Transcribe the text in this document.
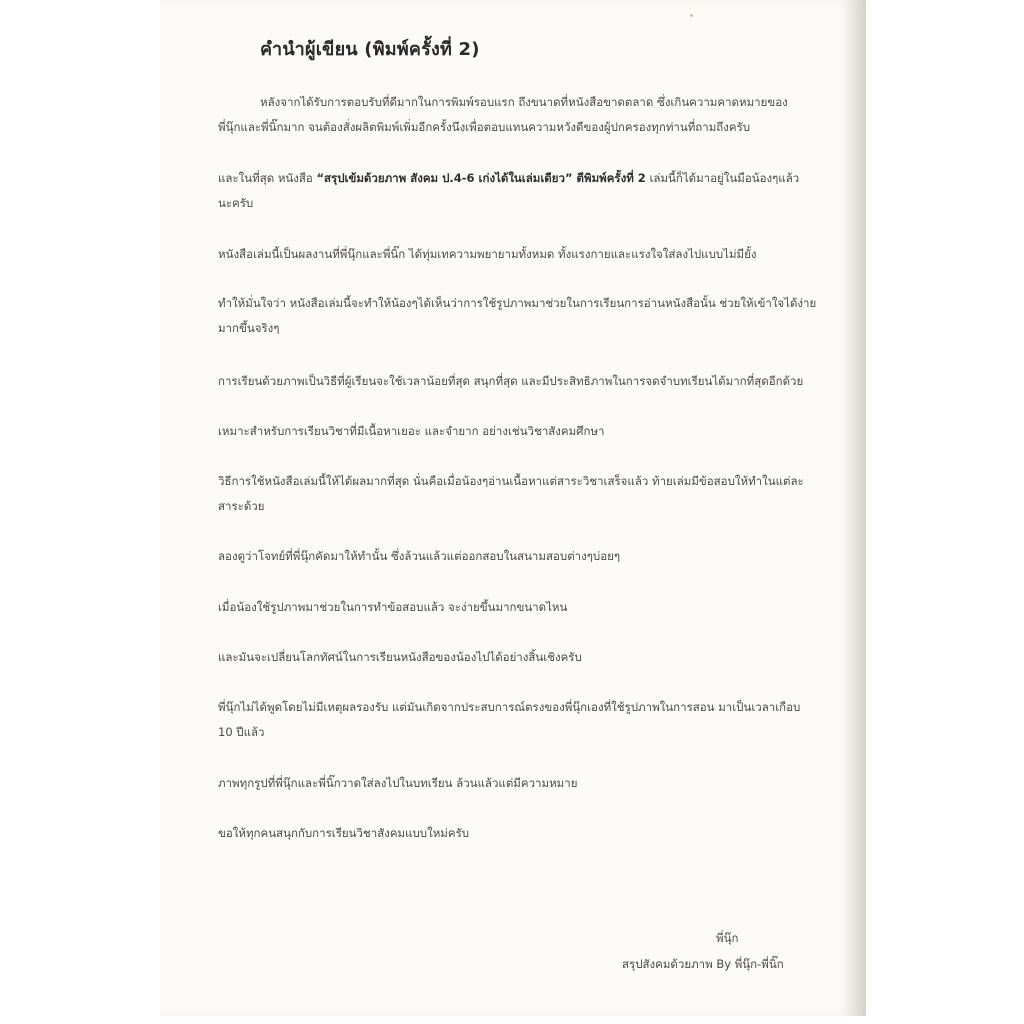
คำนำผู้เขียน (พิมพ์ครั้งที่ 2)
หลังจากได้รับการตอบรับที่ดีมากในการพิมพ์รอบแรก ถึงขนาดที่หนังสือขาดตลาด ซึ่งเกินความคาดหมายของ
พี่นุ๊กและพี่นิ๊กมาก จนต้องสั่งผลิตพิมพ์เพิ่มอีกครั้งนึงเพื่อตอบแทนความหวังดีของผู้ปกครองทุกท่านที่ถามถึงครับ
และในที่สุด หนังสือ “สรุปเข้มด้วยภาพ สังคม ป.4-6 เก่งได้ในเล่มเดียว” ตีพิมพ์ครั้งที่ 2 เล่มนี้ก็ได้มาอยู่ในมือน้องๆแล้ว
นะครับ
หนังสือเล่มนี้เป็นผลงานที่พี่นุ๊กและพี่นิ๊ก ได้ทุ่มเทความพยายามทั้งหมด ทั้งแรงกายและแรงใจใส่ลงไปแบบไม่มียั้ง
ทำให้มั่นใจว่า หนังสือเล่มนี้จะทำให้น้องๆได้เห็นว่าการใช้รูปภาพมาช่วยในการเรียนการอ่านหนังสือนั้น ช่วยให้เข้าใจได้ง่าย
มากขึ้นจริงๆ
การเรียนด้วยภาพเป็นวิธีที่ผู้เรียนจะใช้เวลาน้อยที่สุด สนุกที่สุด และมีประสิทธิภาพในการจดจำบทเรียนได้มากที่สุดอีกด้วย
เหมาะสำหรับการเรียนวิชาที่มีเนื้อหาเยอะ และจำยาก อย่างเช่นวิชาสังคมศึกษา
วิธีการใช้หนังสือเล่มนี้ให้ได้ผลมากที่สุด นั่นคือเมื่อน้องๆอ่านเนื้อหาแต่สาระวิชาเสร็จแล้ว ท้ายเล่มมีข้อสอบให้ทำในแต่ละ
สาระด้วย
ลองดูว่าโจทย์ที่พี่นุ๊กคัดมาให้ทำนั้น ซึ่งล้วนแล้วแต่ออกสอบในสนามสอบต่างๆบ่อยๆ
เมื่อน้องใช้รูปภาพมาช่วยในการทำข้อสอบแล้ว จะง่ายขึ้นมากขนาดไหน
และมันจะเปลี่ยนโลกทัศน์ในการเรียนหนังสือของน้องไปได้อย่างสิ้นเชิงครับ
พี่นุ๊กไม่ได้พูดโดยไม่มีเหตุผลรองรับ แต่มันเกิดจากประสบการณ์ตรงของพี่นุ๊กเองที่ใช้รูปภาพในการสอน มาเป็นเวลาเกือบ
10 ปีแล้ว
ภาพทุกรูปที่พี่นุ๊กและพี่นิ๊กวาดใส่ลงไปในบทเรียน ล้วนแล้วแต่มีความหมาย
ขอให้ทุกคนสนุกกับการเรียนวิชาสังคมแบบใหม่ครับ
พี่นุ๊ก
สรุปสังคมด้วยภาพ By พี่นุ๊ก-พี่นิ๊ก
